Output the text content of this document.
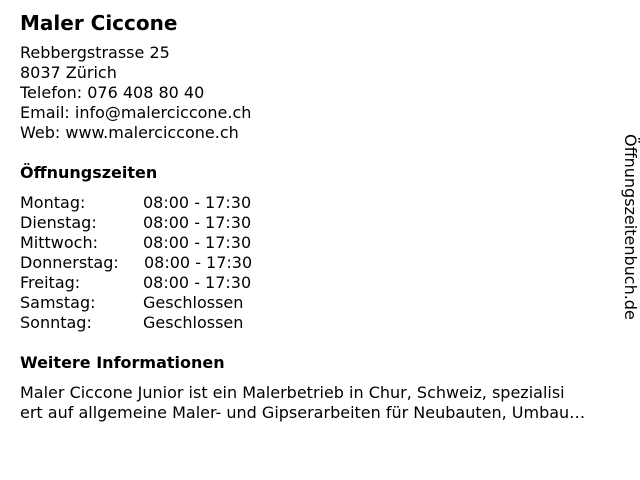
Maler Ciccone
Rebbergstrasse 25
8037 Zürich
Telefon: 076 408 80 40
Email: info@malerciccone.ch
Web: www.malerciccone.ch
Öffnungszeiten
Montag:	08:00 - 17:30
Dienstag:	08:00 - 17:30
Mittwoch:	08:00 - 17:30
Donnerstag:	08:00 - 17:30
Freitag:	08:00 - 17:30
Samstag:	Geschlossen
Sonntag:	Geschlossen
Weitere Informationen
Maler Ciccone Junior ist ein Malerbetrieb in Chur, Schweiz, spezialisi
ert auf allgemeine Maler- und Gipserarbeiten für Neubauten, Umbau…
Öffnungszeitenbuch.de
